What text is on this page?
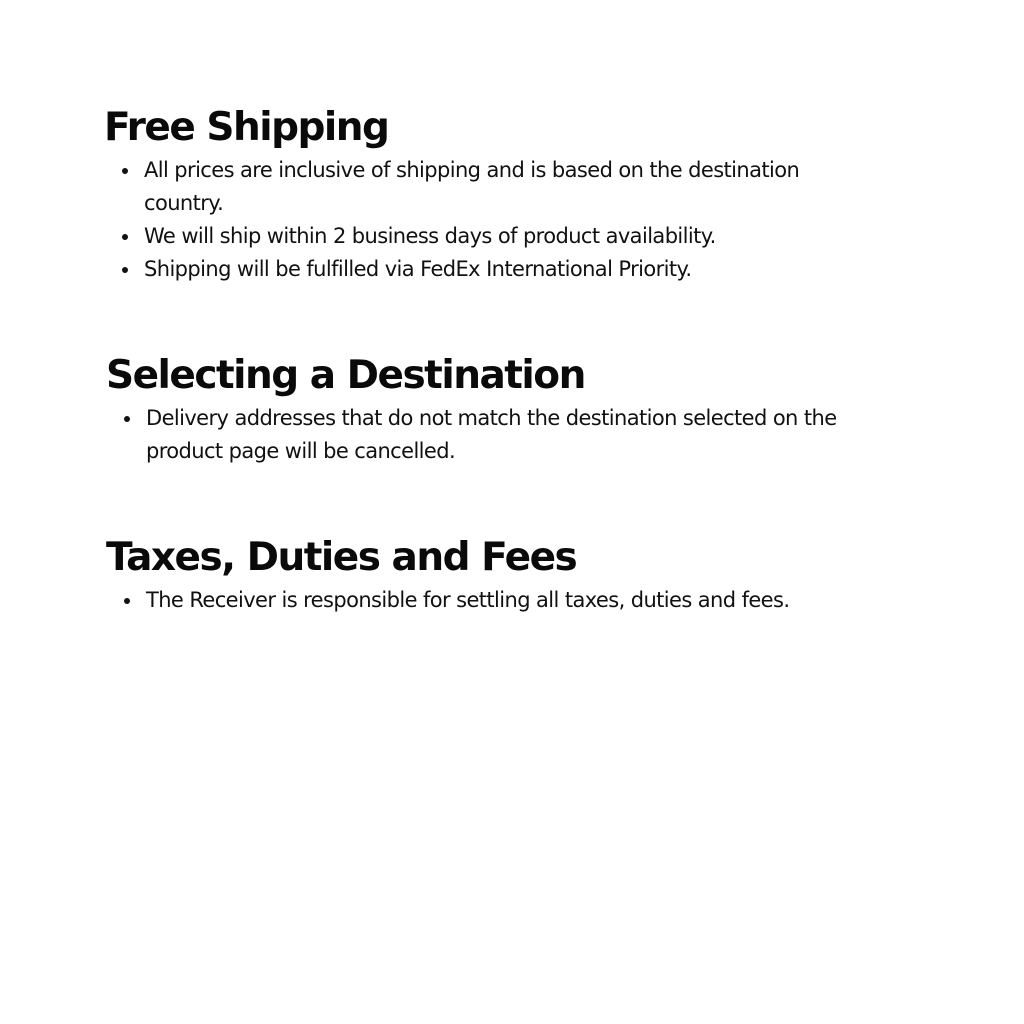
Free Shipping
All prices are inclusive of shipping and is based on the destination country.
We will ship within 2 business days of product availability.
Shipping will be fulfilled via FedEx International Priority.
Selecting a Destination
Delivery addresses that do not match the destination selected on the product page will be cancelled.
Taxes, Duties and Fees
The Receiver is responsible for settling all taxes, duties and fees.
